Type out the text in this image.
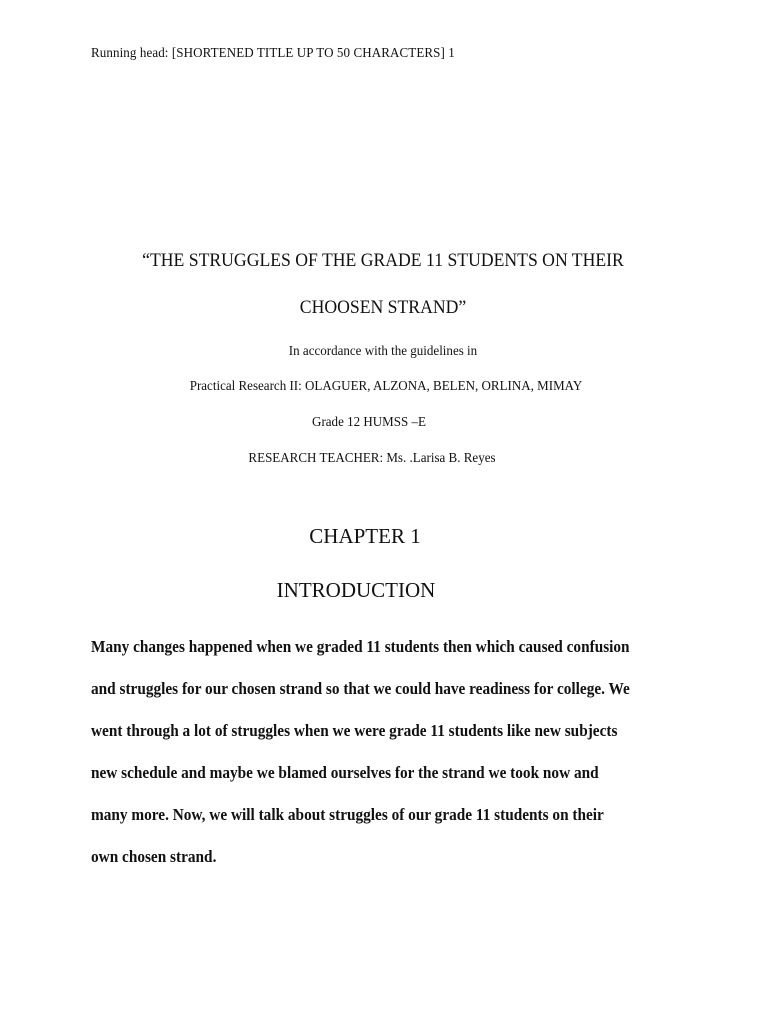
Running head: [SHORTENED TITLE UP TO 50 CHARACTERS] 1
“THE STRUGGLES OF THE GRADE 11 STUDENTS ON THEIR
CHOOSEN STRAND”
In accordance with the guidelines in
Practical Research II: OLAGUER, ALZONA, BELEN, ORLINA, MIMAY
Grade 12 HUMSS –E
RESEARCH TEACHER: Ms. .Larisa B. Reyes
CHAPTER 1
INTRODUCTION
Many changes happened when we graded 11 students then which caused confusion
and struggles for our chosen strand so that we could have readiness for college. We
went through a lot of struggles when we were grade 11 students like new subjects
new schedule and maybe we blamed ourselves for the strand we took now and
many more. Now, we will talk about struggles of our grade 11 students on their
own chosen strand.
